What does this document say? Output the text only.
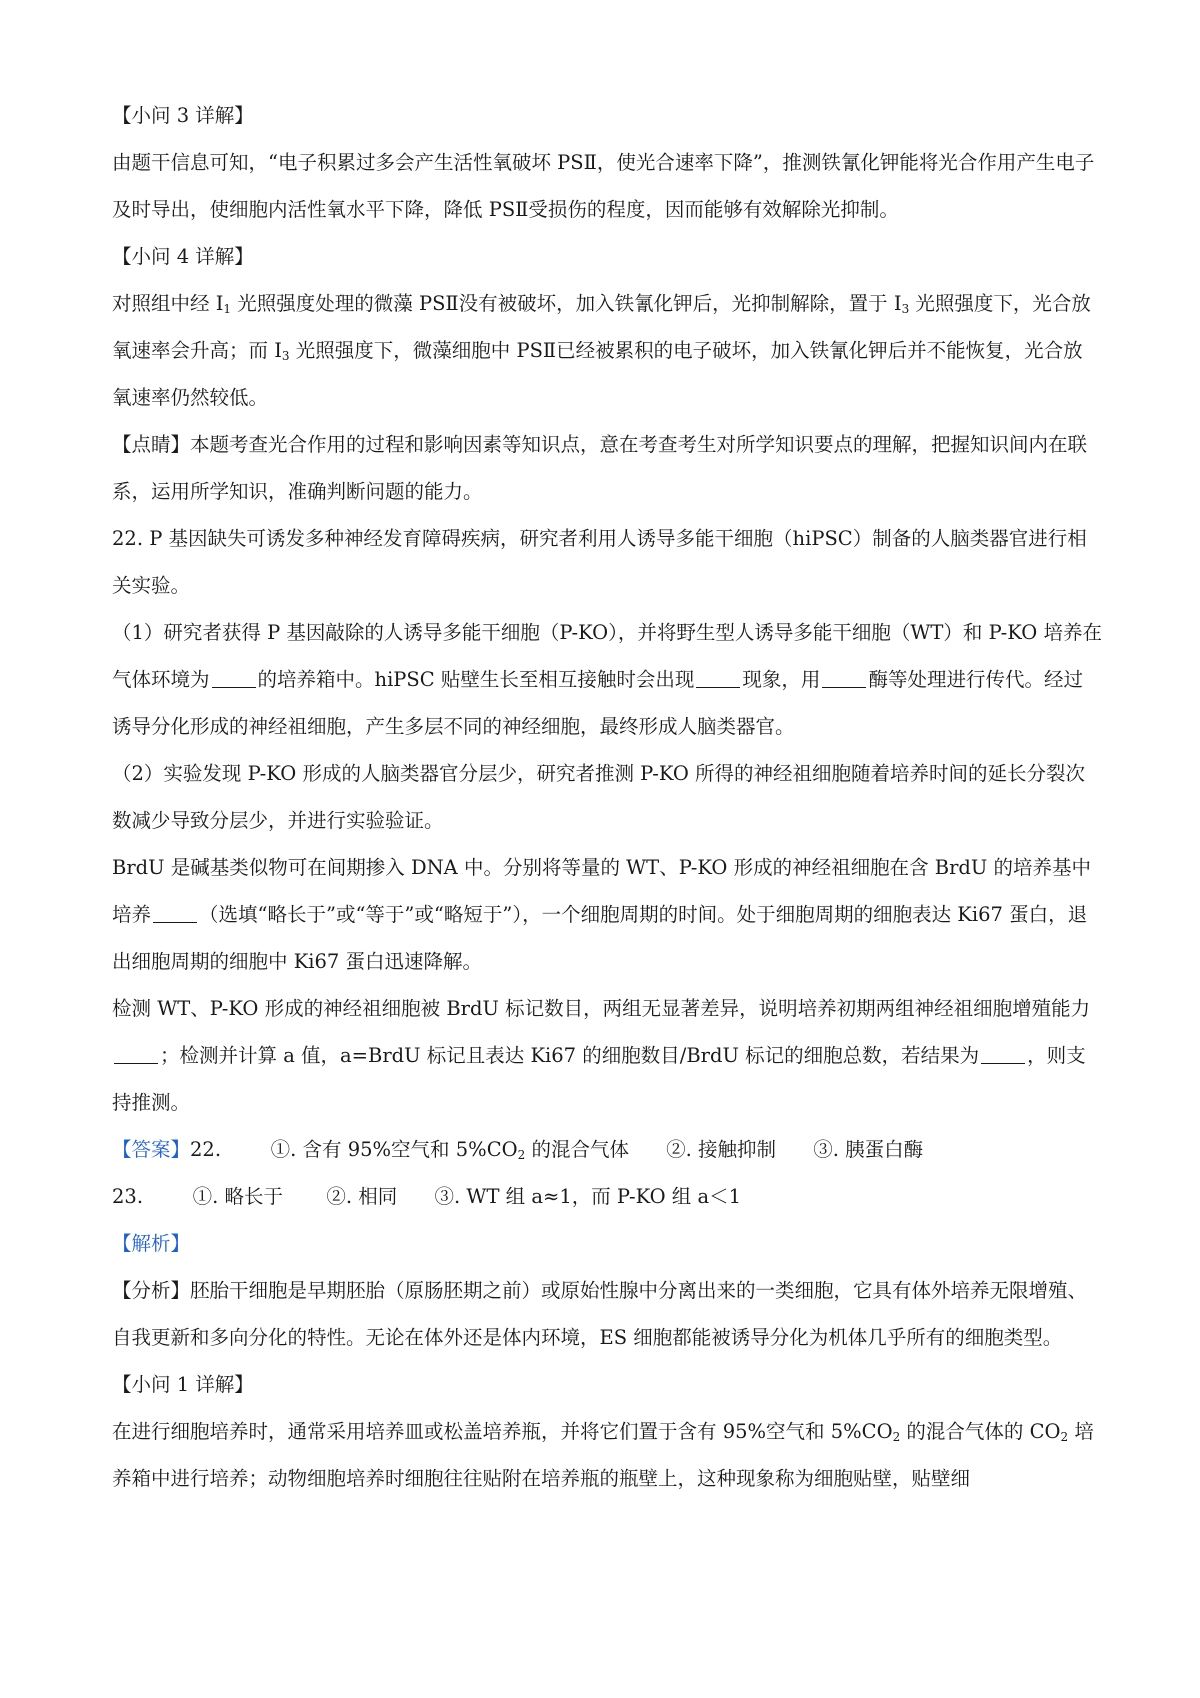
【小问 3 详解】

由题干信息可知，“电子积累过多会产生活性氧破坏 PSⅡ，使光合速率下降”，推测铁氰化钾能将光合作用产生电子及时导出，使细胞内活性氧水平下降，降低 PSⅡ受损伤的程度，因而能够有效解除光抑制。

【小问 4 详解】

对照组中经 $I_1$ 光照强度处理的微藻 PSⅡ没有被破坏，加入铁氰化钾后，光抑制解除，置于 $I_3$ 光照强度下，光合放氧速率会升高；而 $I_3$ 光照强度下，微藻细胞中 PSⅡ已经被累积的电子破坏，加入铁氰化钾后并不能恢复，光合放氧速率仍然较低。

【点睛】本题考查光合作用的过程和影响因素等知识点，意在考查考生对所学知识要点的理解，把握知识间内在联系，运用所学知识，准确判断问题的能力。

22. P 基因缺失可诱发多种神经发育障碍疾病，研究者利用人诱导多能干细胞（hiPSC）制备的人脑类器官进行相关实验。

（1）研究者获得 P 基因敲除的人诱导多能干细胞（P-KO），并将野生型人诱导多能干细胞（WT）和 P-KO 培养在气体环境为 的培养箱中。hiPSC 贴壁生长至相互接触时会出现 现象，用 酶等处理进行传代。经过诱导分化形成的神经祖细胞，产生多层不同的神经细胞，最终形成人脑类器官。

（2）实验发现 P-KO 形成的人脑类器官分层少，研究者推测 P-KO 所得的神经祖细胞随着培养时间的延长分裂次数减少导致分层少，并进行实验验证。

BrdU 是碱基类似物可在间期掺入 DNA 中。分别将等量的 WT、P-KO 形成的神经祖细胞在含 BrdU 的培养基中培养 （选填“略长于”或“等于”或“略短于”），一个细胞周期的时间。处于细胞周期的细胞表达 Ki67 蛋白，退出细胞周期的细胞中 Ki67 蛋白迅速降解。

检测 WT、P-KO 形成的神经祖细胞被 BrdU 标记数目，两组无显著差异，说明培养初期两组神经祖细胞增殖能力；检测并计算 a 值，a=BrdU 标记且表达 Ki67 的细胞数目/BrdU 标记的细胞总数，若结果为 ，则支持推测。

【答案】22.	①. 含有 95%空气和 $5\%CO_2$ 的混合气体 ②. 接触抑制 ③. 胰蛋白酶
23.	①. 略长于 ②. 相同 ③. WT 组 a≈1，而 P-KO 组 a＜1

【解析】

【分析】胚胎干细胞是早期胚胎（原肠胚期之前）或原始性腺中分离出来的一类细胞，它具有体外培养无限增殖、自我更新和多向分化的特性。无论在体外还是体内环境，ES 细胞都能被诱导分化为机体几乎所有的细胞类型。

【小问 1 详解】

在进行细胞培养时，通常采用培养皿或松盖培养瓶，并将它们置于含有 95%空气和 $5\%CO_2$ 的混合气体的 $CO_2$ 培养箱中进行培养；动物细胞培养时细胞往往贴附在培养瓶的瓶壁上，这种现象称为细胞贴壁，贴壁细
